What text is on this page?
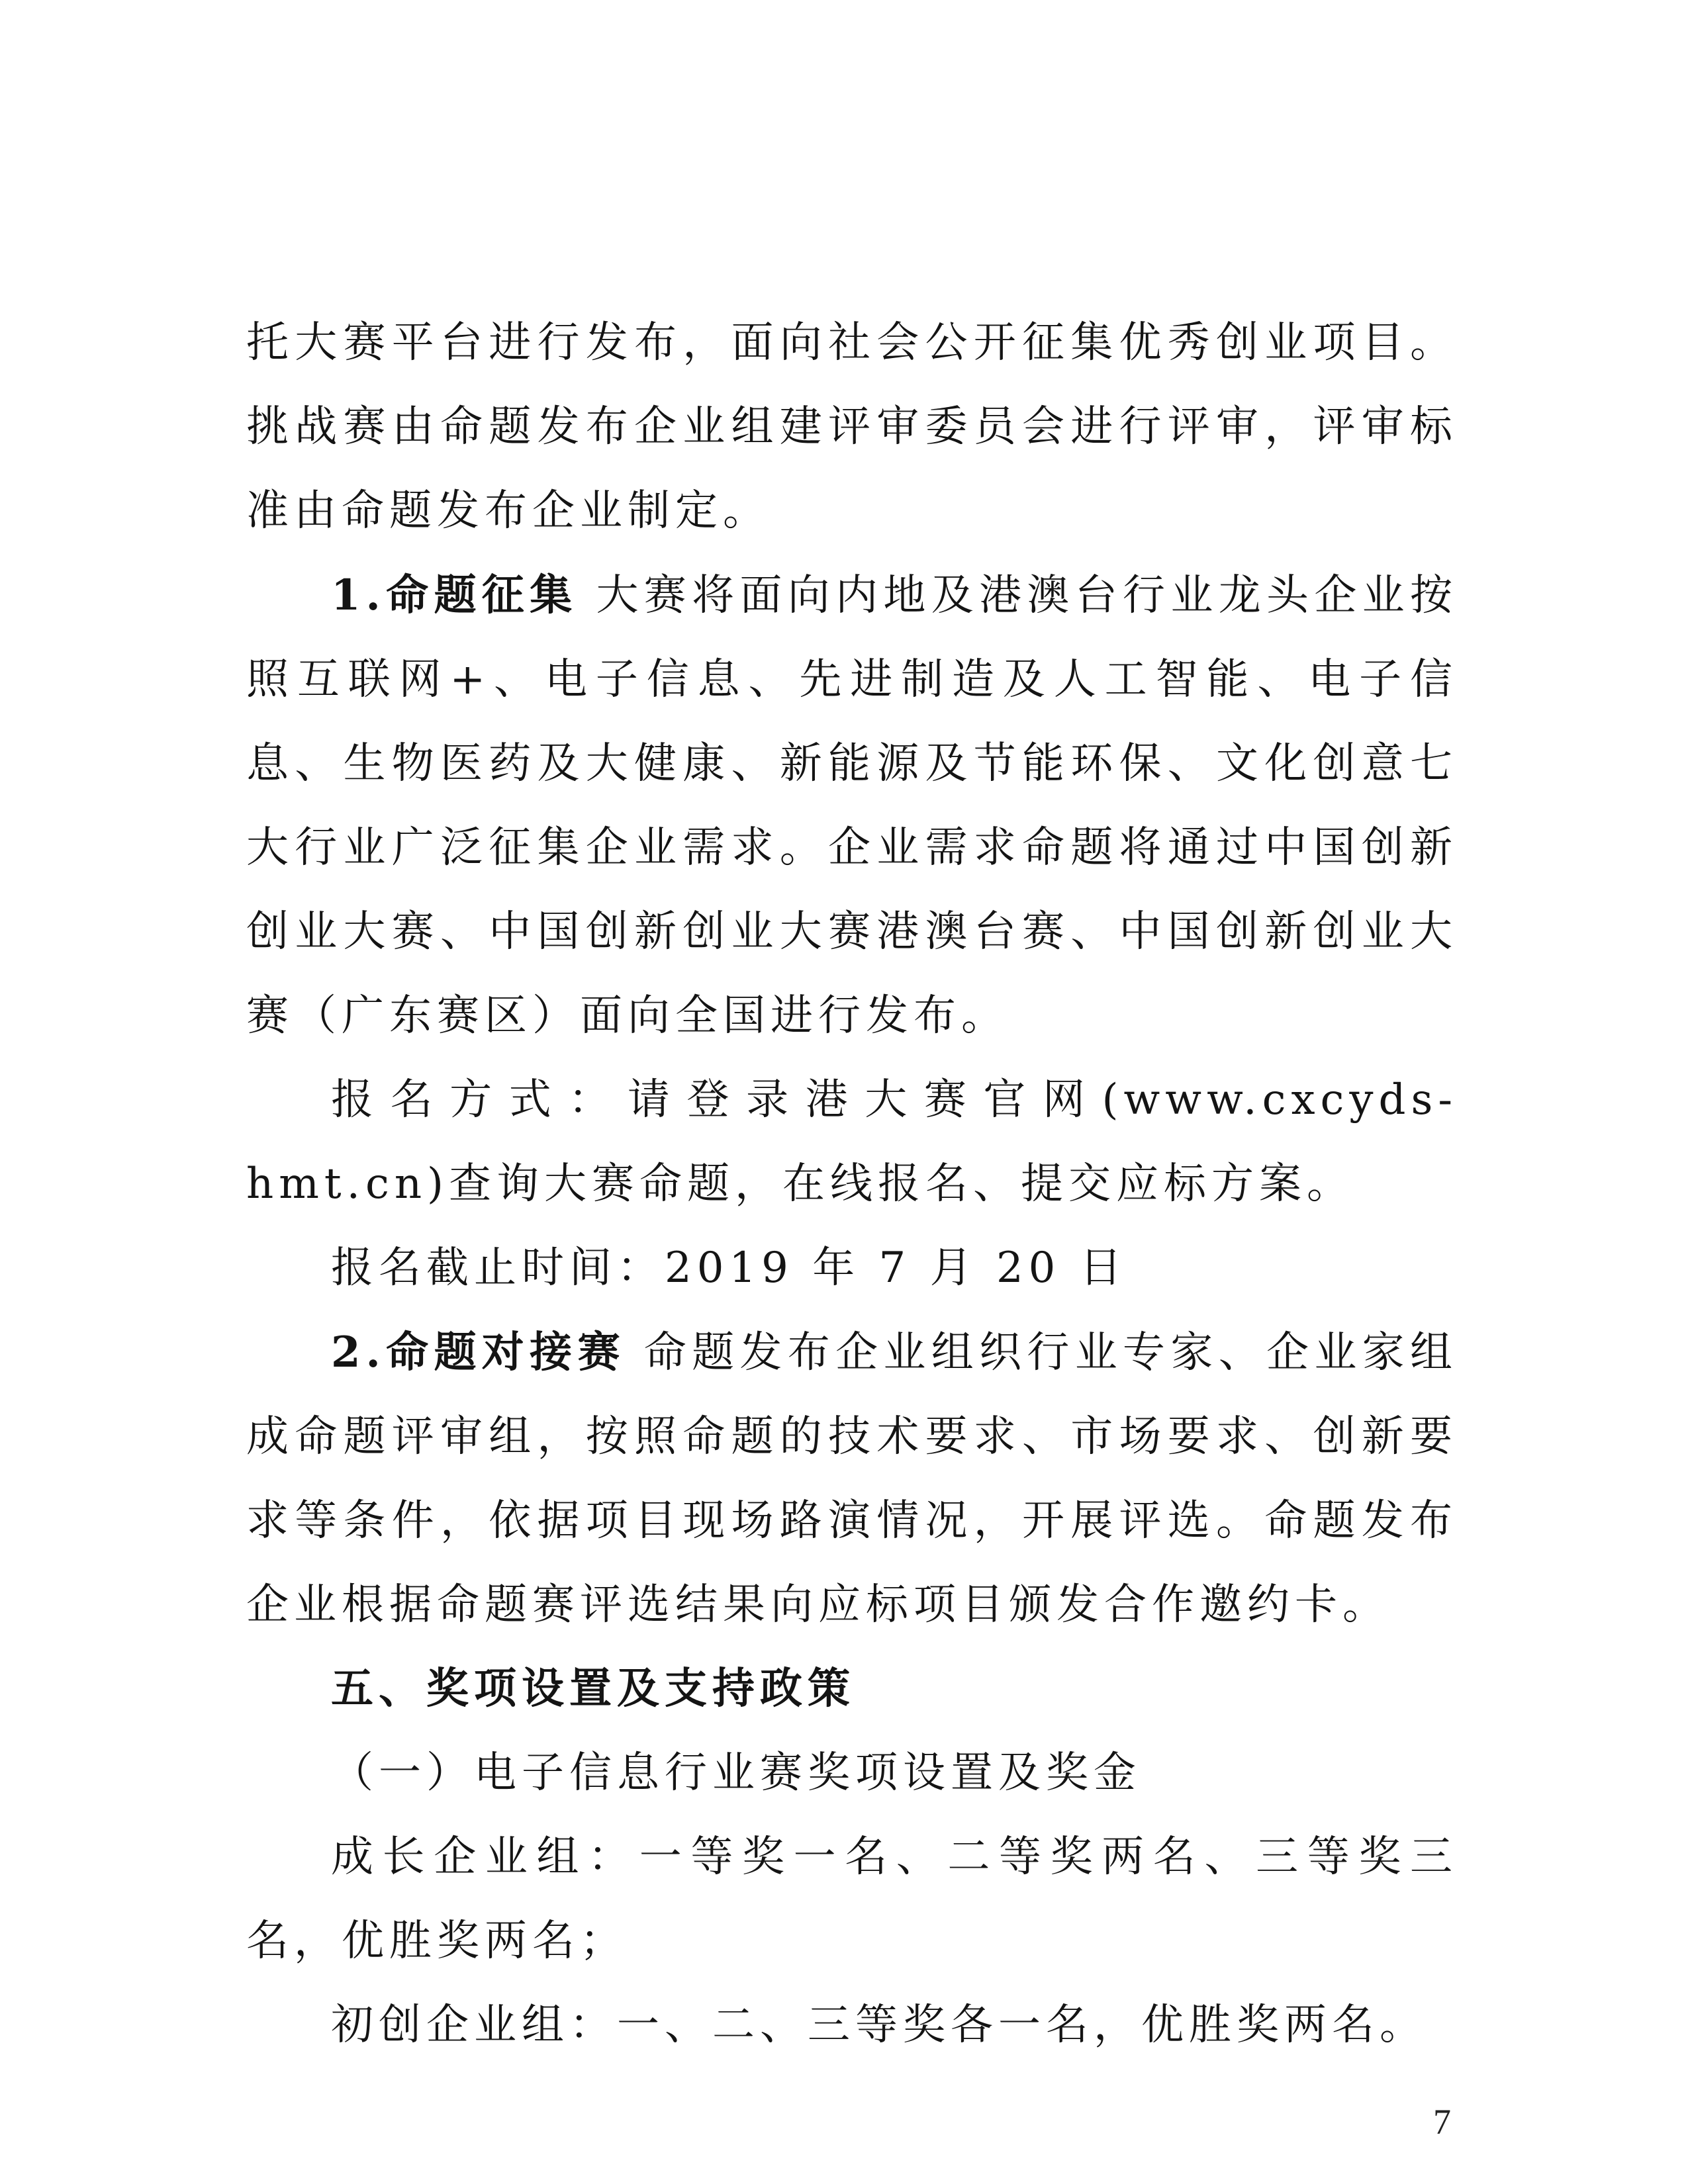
托大赛平台进行发布，面向社会公开征集优秀创业项目。挑战赛由命题发布企业组建评审委员会进行评审，评审标准由命题发布企业制定。

1.命题征集 大赛将面向内地及港澳台行业龙头企业按照互联网+、电子信息、先进制造及人工智能、电子信息、生物医药及大健康、新能源及节能环保、文化创意七大行业广泛征集企业需求。企业需求命题将通过中国创新创业大赛、中国创新创业大赛港澳台赛、中国创新创业大赛（广东赛区）面向全国进行发布。

报名方式：请登录港大赛官网(www.cxcyds-hmt.cn)查询大赛命题，在线报名、提交应标方案。

报名截止时间：2019 年 7 月 20 日

2.命题对接赛 命题发布企业组织行业专家、企业家组成命题评审组，按照命题的技术要求、市场要求、创新要求等条件，依据项目现场路演情况，开展评选。命题发布企业根据命题赛评选结果向应标项目颁发合作邀约卡。

五、奖项设置及支持政策

（一）电子信息行业赛奖项设置及奖金

成长企业组：一等奖一名、二等奖两名、三等奖三名，优胜奖两名；

初创企业组：一、二、三等奖各一名，优胜奖两名。

7
